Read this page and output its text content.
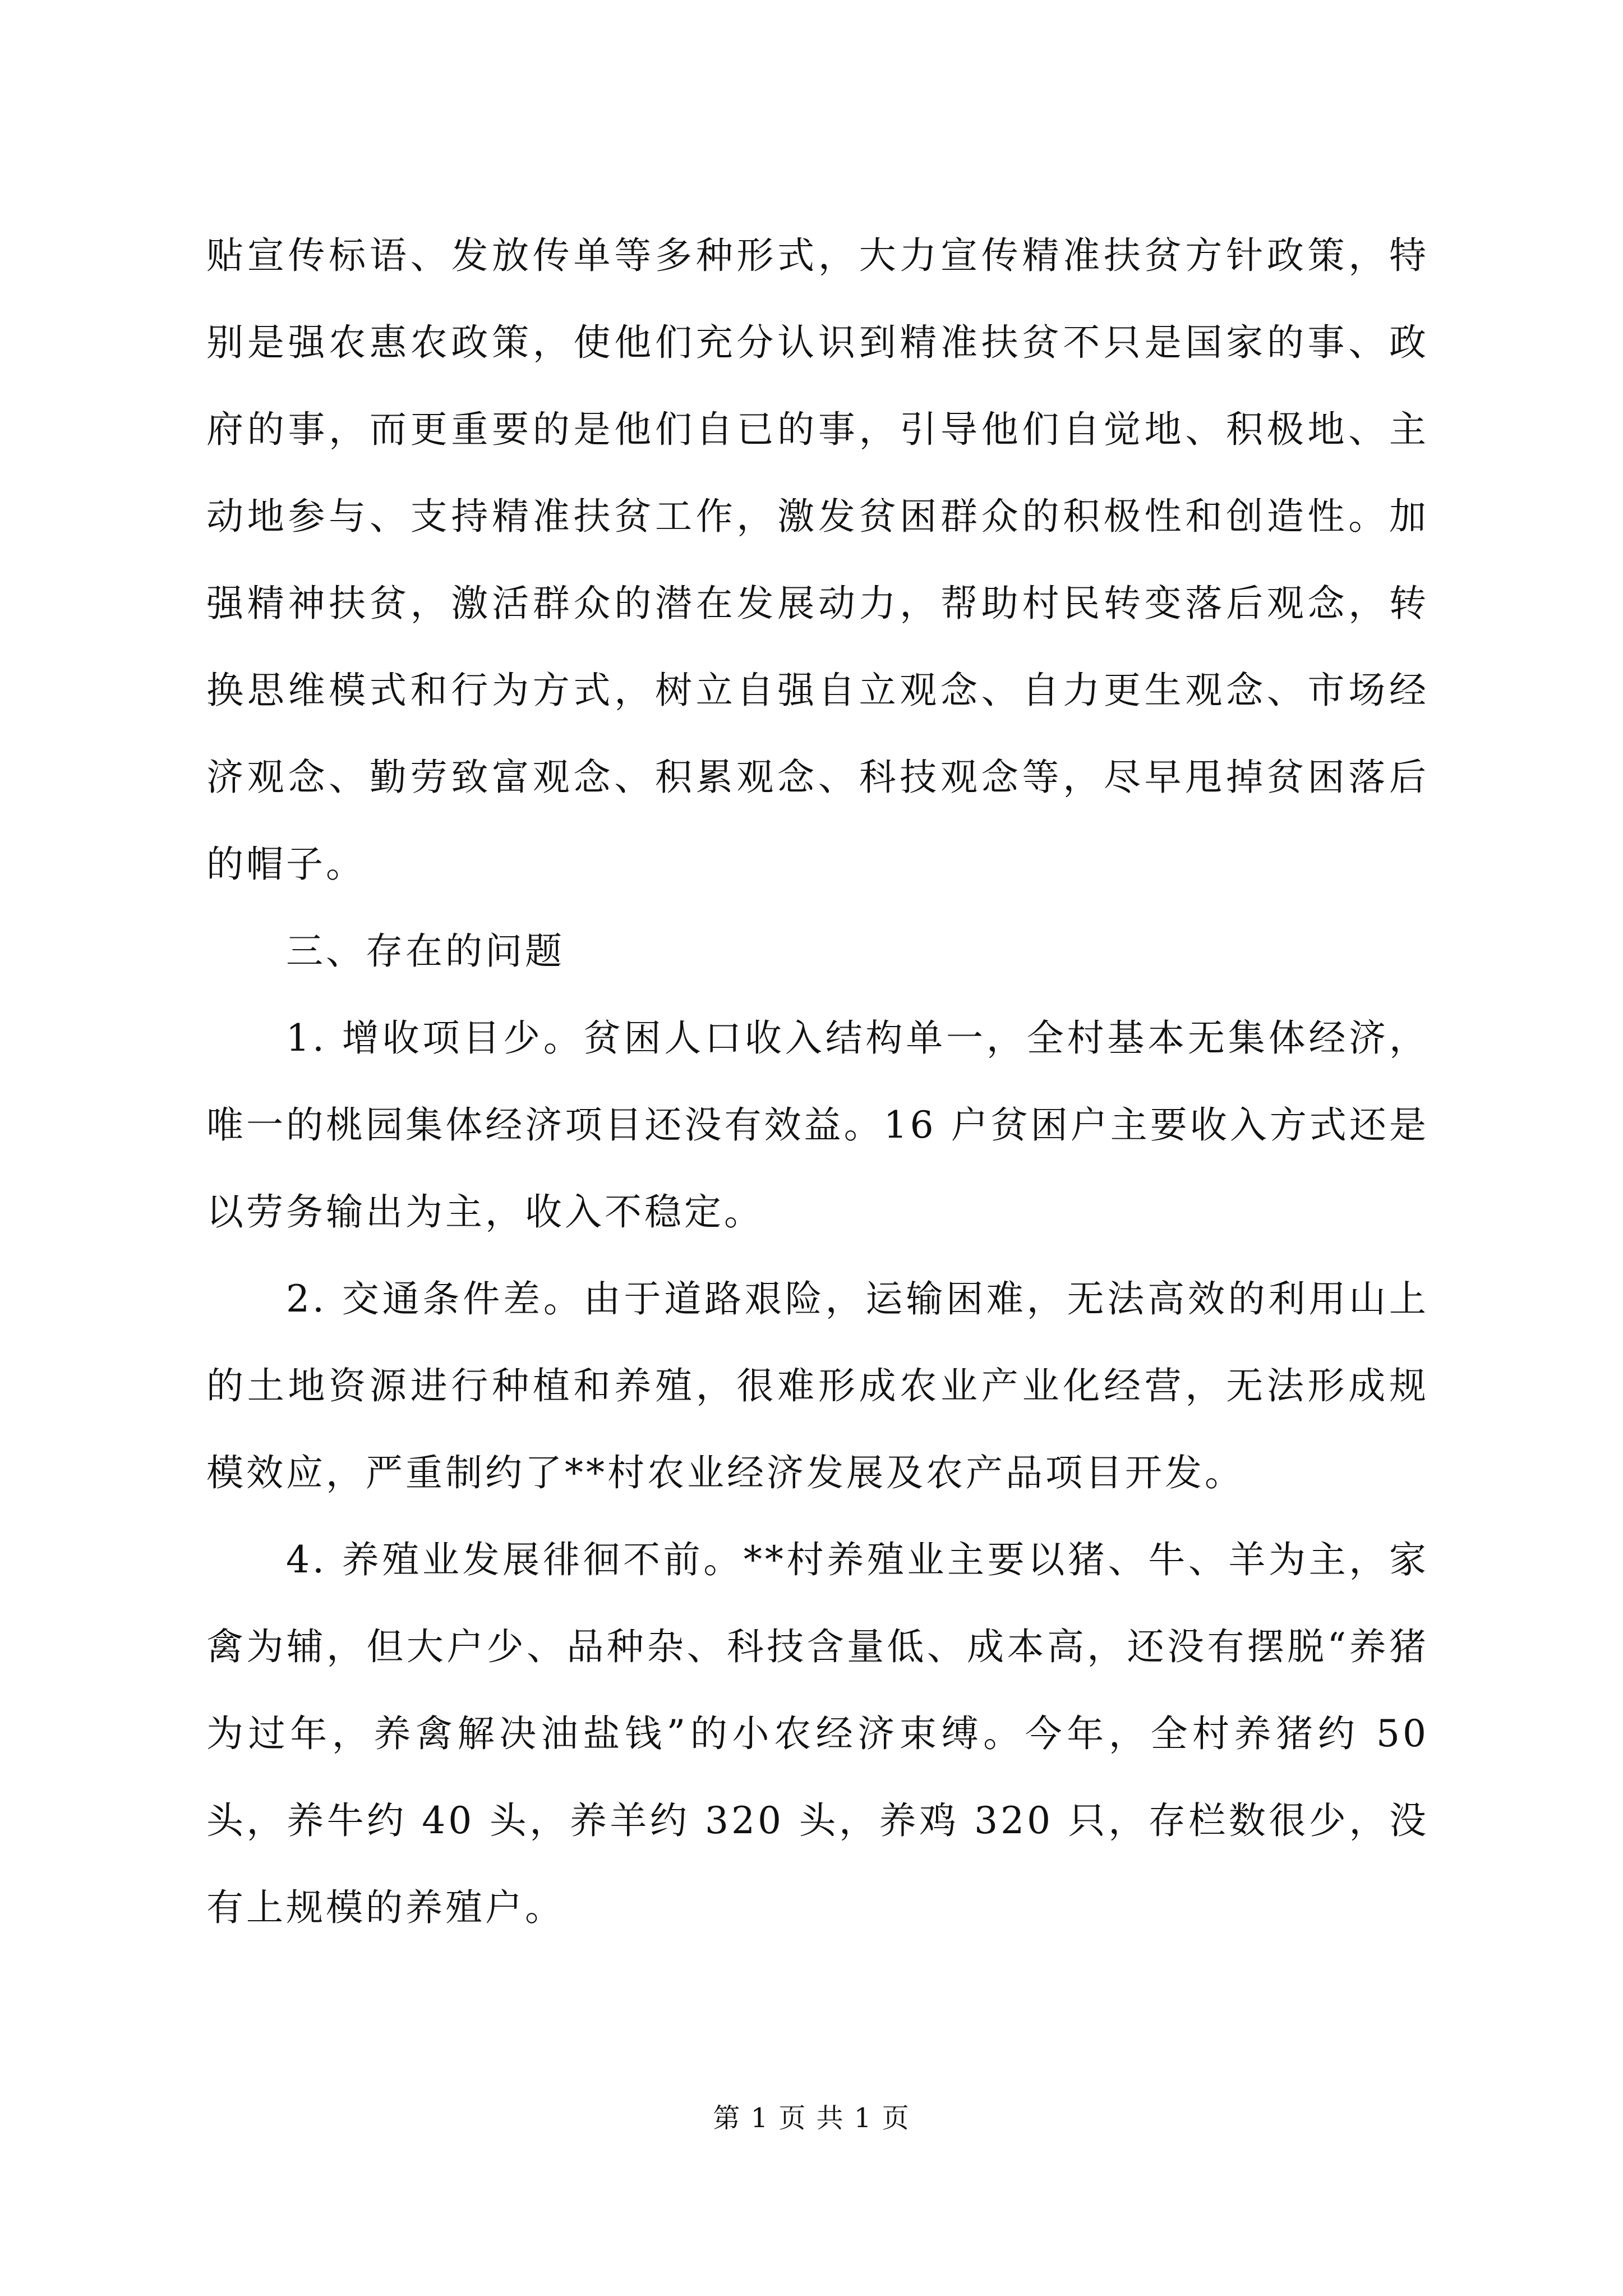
贴宣传标语、发放传单等多种形式，大力宣传精准扶贫方针政策，特别是强农惠农政策，使他们充分认识到精准扶贫不只是国家的事、政府的事，而更重要的是他们自已的事，引导他们自觉地、积极地、主动地参与、支持精准扶贫工作，激发贫困群众的积极性和创造性。加强精神扶贫，激活群众的潜在发展动力，帮助村民转变落后观念，转换思维模式和行为方式，树立自强自立观念、自力更生观念、市场经济观念、勤劳致富观念、积累观念、科技观念等，尽早甩掉贫困落后的帽子。

三、存在的问题

1. 增收项目少。贫困人口收入结构单一，全村基本无集体经济，唯一的桃园集体经济项目还没有效益。16 户贫困户主要收入方式还是以劳务输出为主，收入不稳定。

2. 交通条件差。由于道路艰险，运输困难，无法高效的利用山上的土地资源进行种植和养殖，很难形成农业产业化经营，无法形成规模效应，严重制约了**村农业经济发展及农产品项目开发。

4. 养殖业发展徘徊不前。**村养殖业主要以猪、牛、羊为主，家禽为辅，但大户少、品种杂、科技含量低、成本高，还没有摆脱“养猪为过年，养禽解决油盐钱”的小农经济束缚。今年，全村养猪约 50 头，养牛约 40 头，养羊约 320 头，养鸡 320 只，存栏数很少，没有上规模的养殖户。

第 1 页 共 1 页
